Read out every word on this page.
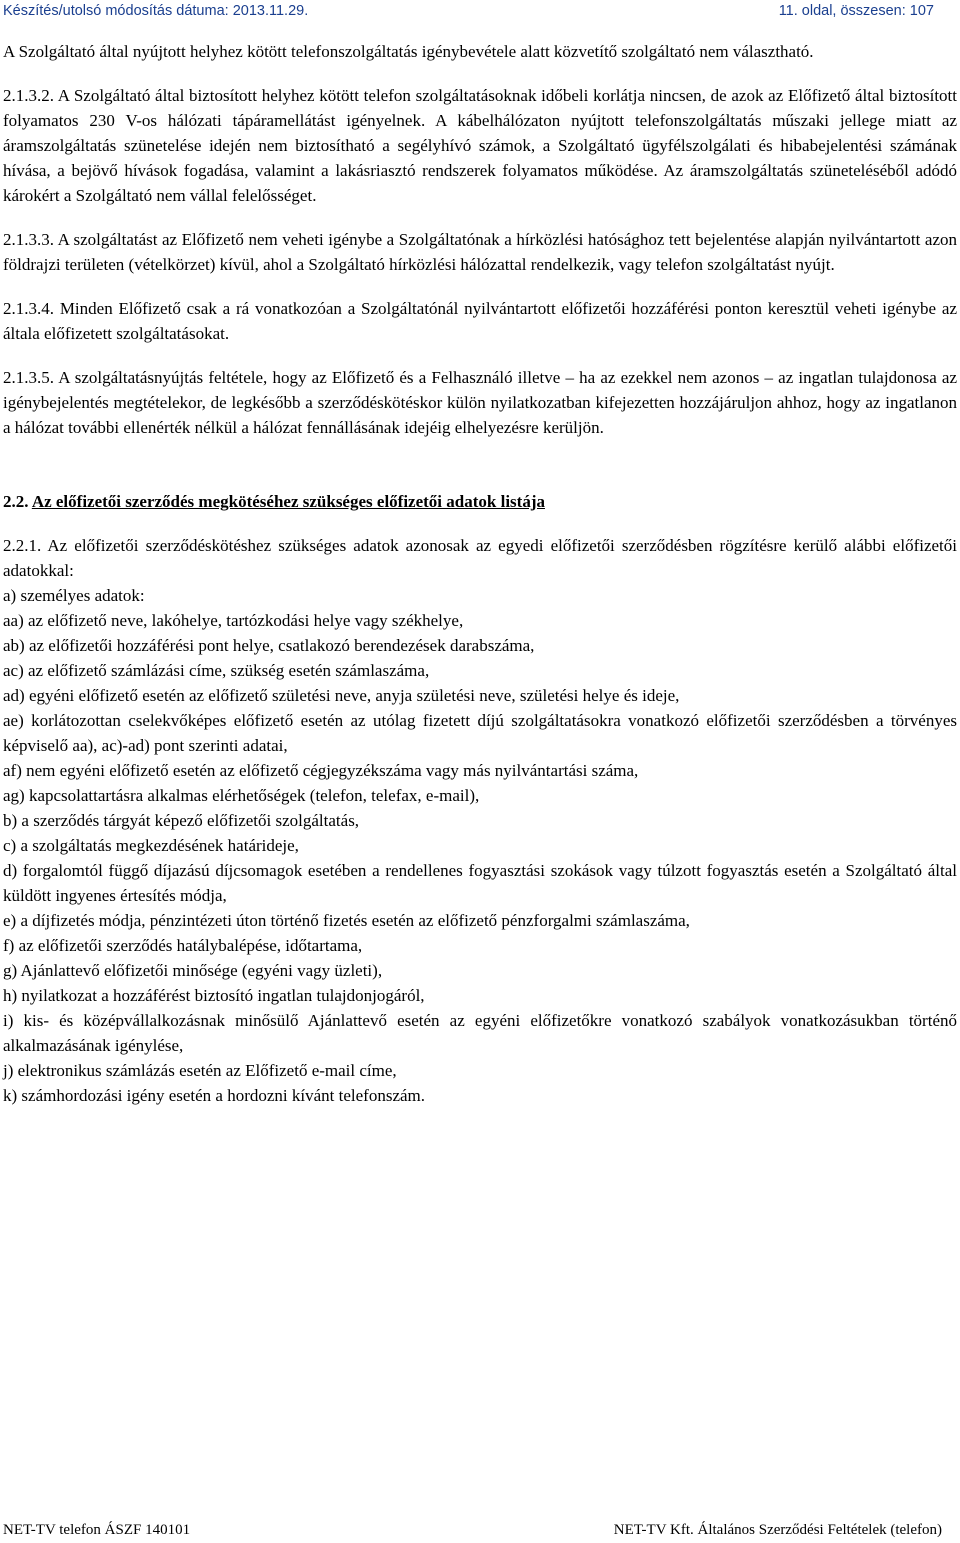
Készítés/utolsó módosítás dátuma: 2013.11.29.	11. oldal, összesen: 107

A Szolgáltató által nyújtott helyhez kötött telefonszolgáltatás igénybevétele alatt közvetítő szolgáltató nem választható.

2.1.3.2. A Szolgáltató által biztosított helyhez kötött telefon szolgáltatásoknak időbeli korlátja nincsen, de azok az Előfizető által biztosított folyamatos 230 V-os hálózati tápáramellátást igényelnek. A kábelhálózaton nyújtott telefonszolgáltatás műszaki jellege miatt az áramszolgáltatás szünetelése idején nem biztosítható a segélyhívó számok, a Szolgáltató ügyfélszolgálati és hibabejelentési számának hívása, a bejövő hívások fogadása, valamint a lakásriasztó rendszerek folyamatos működése. Az áramszolgáltatás szüneteléséből adódó károkért a Szolgáltató nem vállal felelősséget.

2.1.3.3. A szolgáltatást az Előfizető nem veheti igénybe a Szolgáltatónak a hírközlési hatósághoz tett bejelentése alapján nyilvántartott azon földrajzi területen (vételkörzet) kívül, ahol a Szolgáltató hírközlési hálózattal rendelkezik, vagy telefon szolgáltatást nyújt.

2.1.3.4. Minden Előfizető csak a rá vonatkozóan a Szolgáltatónál nyilvántartott előfizetői hozzáférési ponton keresztül veheti igénybe az általa előfizetett szolgáltatásokat.

2.1.3.5. A szolgáltatásnyújtás feltétele, hogy az Előfizető és a Felhasználó illetve – ha az ezekkel nem azonos – az ingatlan tulajdonosa az igénybejelentés megtételekor, de legkésőbb a szerződéskötéskor külön nyilatkozatban kifejezetten hozzájáruljon ahhoz, hogy az ingatlanon a hálózat további ellenérték nélkül a hálózat fennállásának idejéig elhelyezésre kerüljön.

2.2. Az előfizetői szerződés megkötéséhez szükséges előfizetői adatok listája

2.2.1. Az előfizetői szerződéskötéshez szükséges adatok azonosak az egyedi előfizetői szerződésben rögzítésre kerülő alábbi előfizetői adatokkal:

a) személyes adatok:

aa) az előfizető neve, lakóhelye, tartózkodási helye vagy székhelye,

ab) az előfizetői hozzáférési pont helye, csatlakozó berendezések darabszáma,

ac) az előfizető számlázási címe, szükség esetén számlaszáma,

ad) egyéni előfizető esetén az előfizető születési neve, anyja születési neve, születési helye és ideje,

ae) korlátozottan cselekvőképes előfizető esetén az utólag fizetett díjú szolgáltatásokra vonatkozó előfizetői szerződésben a törvényes képviselő aa), ac)-ad) pont szerinti adatai,

af) nem egyéni előfizető esetén az előfizető cégjegyzékszáma vagy más nyilvántartási száma,

ag) kapcsolattartásra alkalmas elérhetőségek (telefon, telefax, e-mail),

b) a szerződés tárgyát képező előfizetői szolgáltatás,

c) a szolgáltatás megkezdésének határideje,

d) forgalomtól függő díjazású díjcsomagok esetében a rendellenes fogyasztási szokások vagy túlzott fogyasztás esetén a Szolgáltató által küldött ingyenes értesítés módja,

e) a díjfizetés módja, pénzintézeti úton történő fizetés esetén az előfizető pénzforgalmi számlaszáma,

f) az előfizetői szerződés hatálybalépése, időtartama,

g) Ajánlattevő előfizetői minősége (egyéni vagy üzleti),

h) nyilatkozat a hozzáférést biztosító ingatlan tulajdonjogáról,

i) kis- és középvállalkozásnak minősülő Ajánlattevő esetén az egyéni előfizetőkre vonatkozó szabályok vonatkozásukban történő alkalmazásának igénylése,

j) elektronikus számlázás esetén az Előfizető e-mail címe,

k) számhordozási igény esetén a hordozni kívánt telefonszám.

NET-TV telefon ÁSZF 140101	NET-TV Kft. Általános Szerződési Feltételek (telefon)
